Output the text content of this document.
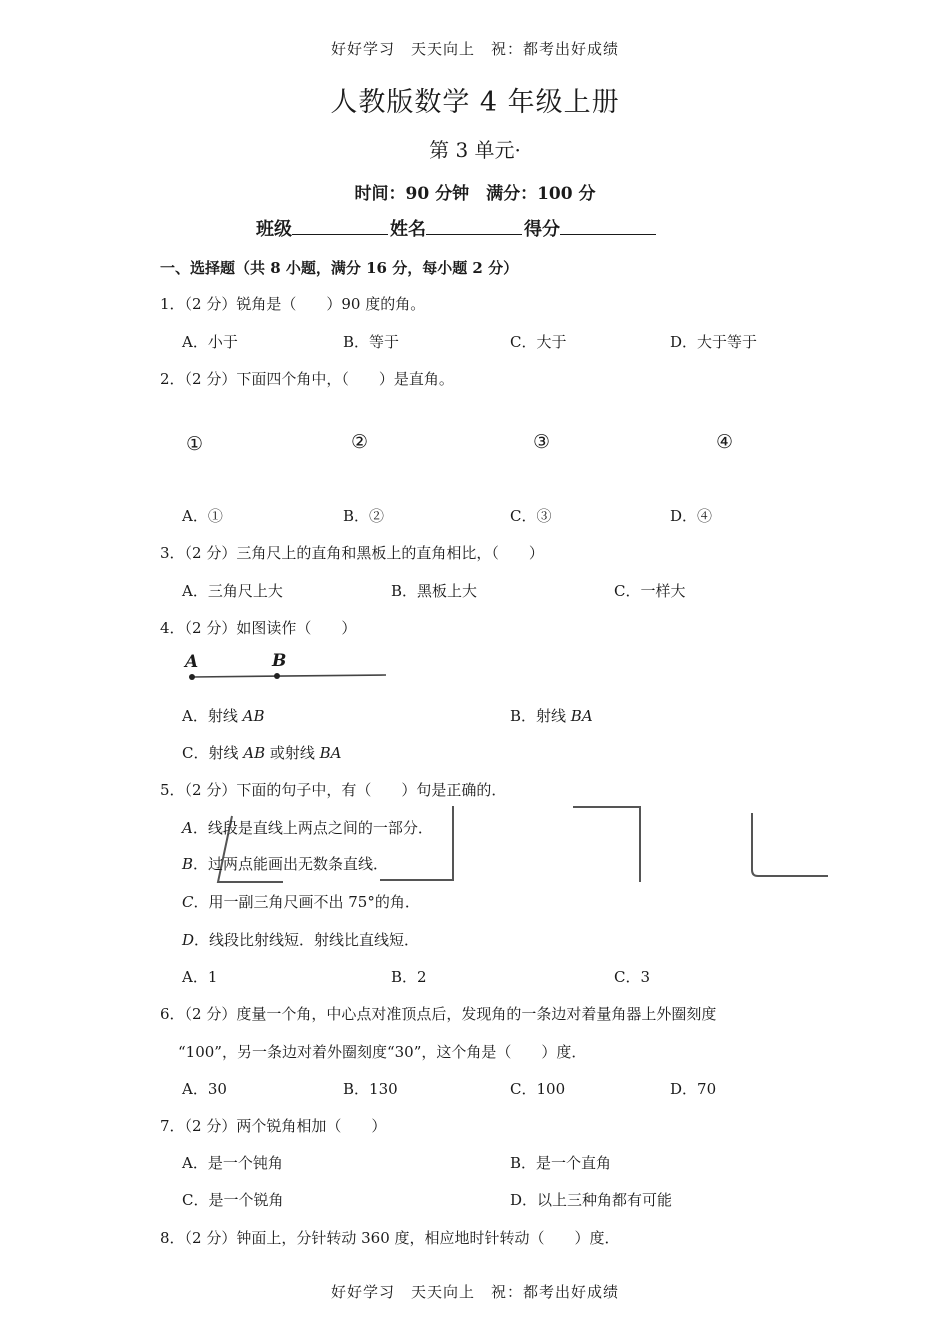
好好学习　天天向上　祝：都考出好成绩
人教版数学 4 年级上册
第 3 单元·
时间：90 分钟　满分：100 分
班级	姓名	得分
一、选择题（共 8 小题，满分 16 分，每小题 2 分）
1．（2 分）锐角是（　　）90 度的角。
A．小于	B．等于	C．大于	D．大于等于
2．（2 分）下面四个角中，（　　）是直角。
①	②	③	④
A．①	B．②	C．③	D．④
3．（2 分）三角尺上的直角和黑板上的直角相比，（　　）
A．三角尺上大	B．黑板上大	C．一样大
4．（2 分）如图读作（　　）
A	B
A．射线 AB	B．射线 BA
C．射线 AB 或射线 BA
5．（2 分）下面的句子中，有（　　）句是正确的．
A．线段是直线上两点之间的一部分．
B．过两点能画出无数条直线．
C．用一副三角尺画不出 75°的角．
D．线段比射线短．射线比直线短．
A．1	B．2	C．3
6．（2 分）度量一个角，中心点对准顶点后，发现角的一条边对着量角器上外圈刻度
“100”，另一条边对着外圈刻度“30”，这个角是（　　）度．
A．30	B．130	C．100	D．70
7．（2 分）两个锐角相加（　　）
A．是一个钝角	B．是一个直角
C．是一个锐角	D．以上三种角都有可能
8．（2 分）钟面上，分针转动 360 度，相应地时针转动（　　）度．
好好学习　天天向上　祝：都考出好成绩
